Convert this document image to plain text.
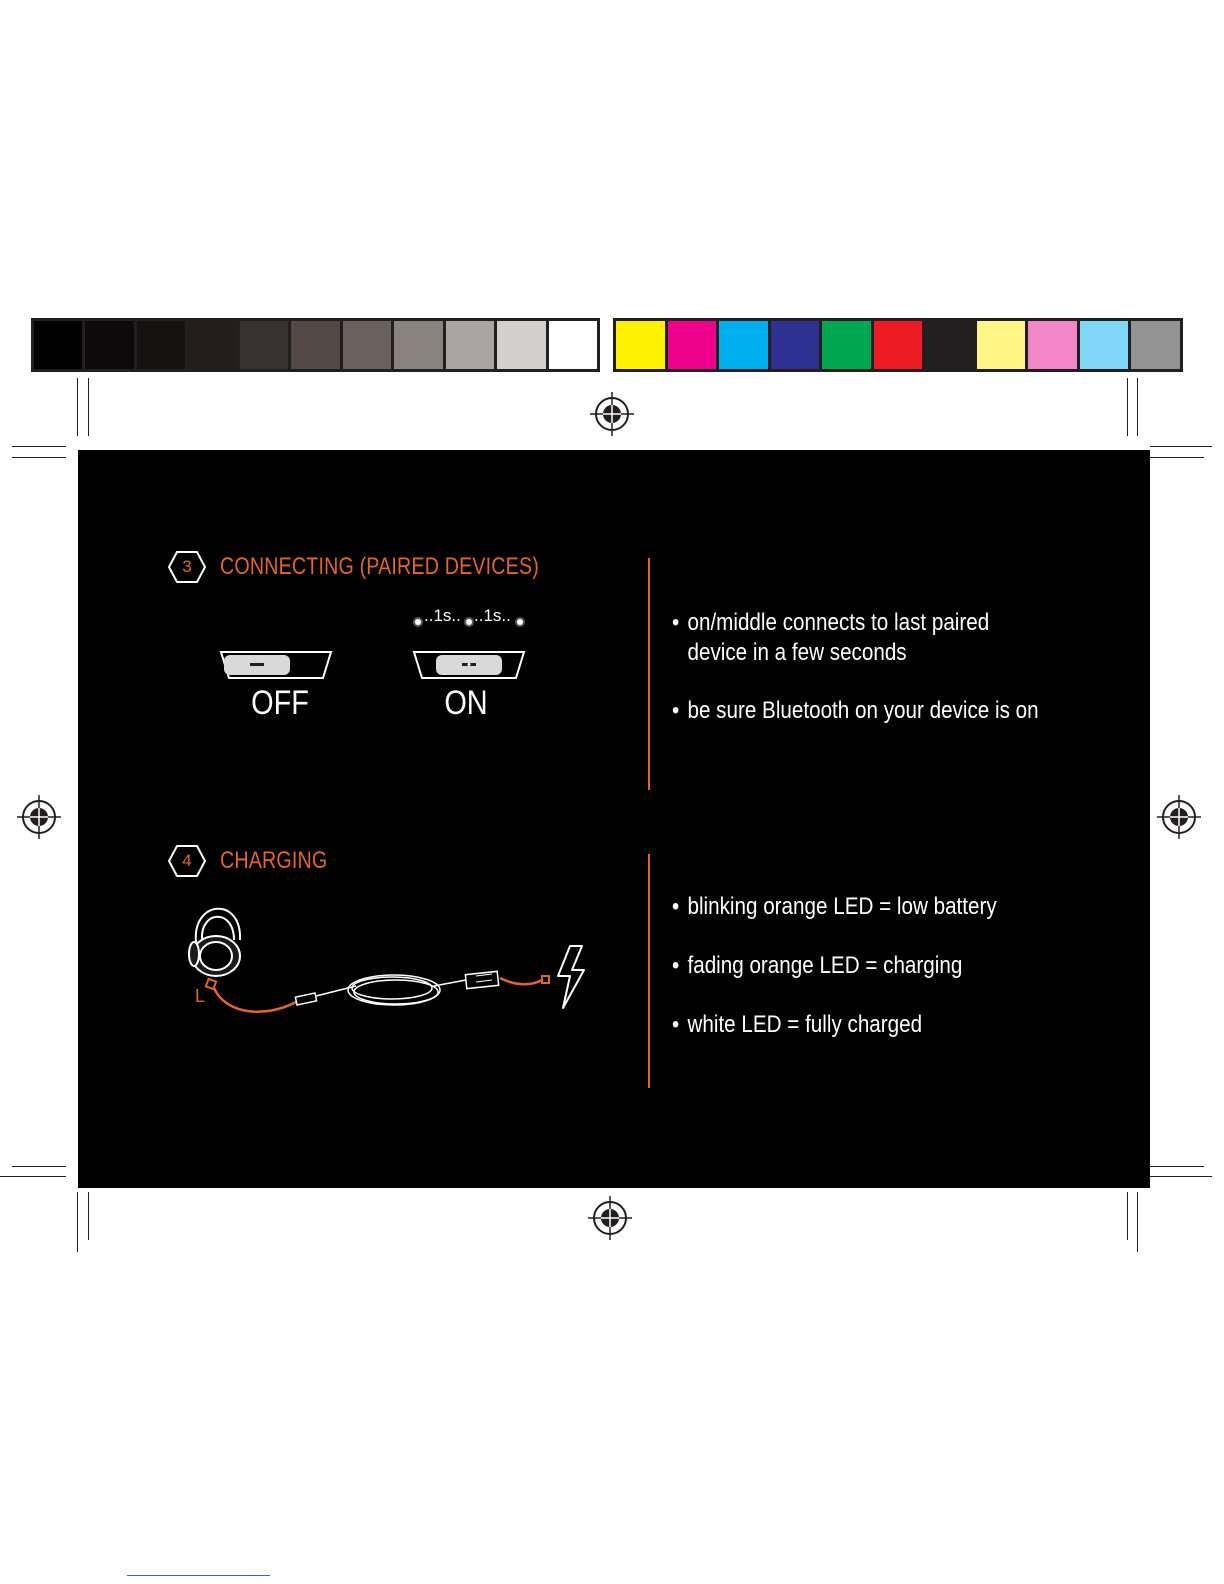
3	CONNECTING (PAIRED DEVICES)
..1s.. ..1s..
OFF	ON
• on/middle connects to last paired
device in a few seconds
• be sure Bluetooth on your device is on
4	CHARGING
L
• blinking orange LED = low battery
• fading orange LED = charging
• white LED = fully charged
